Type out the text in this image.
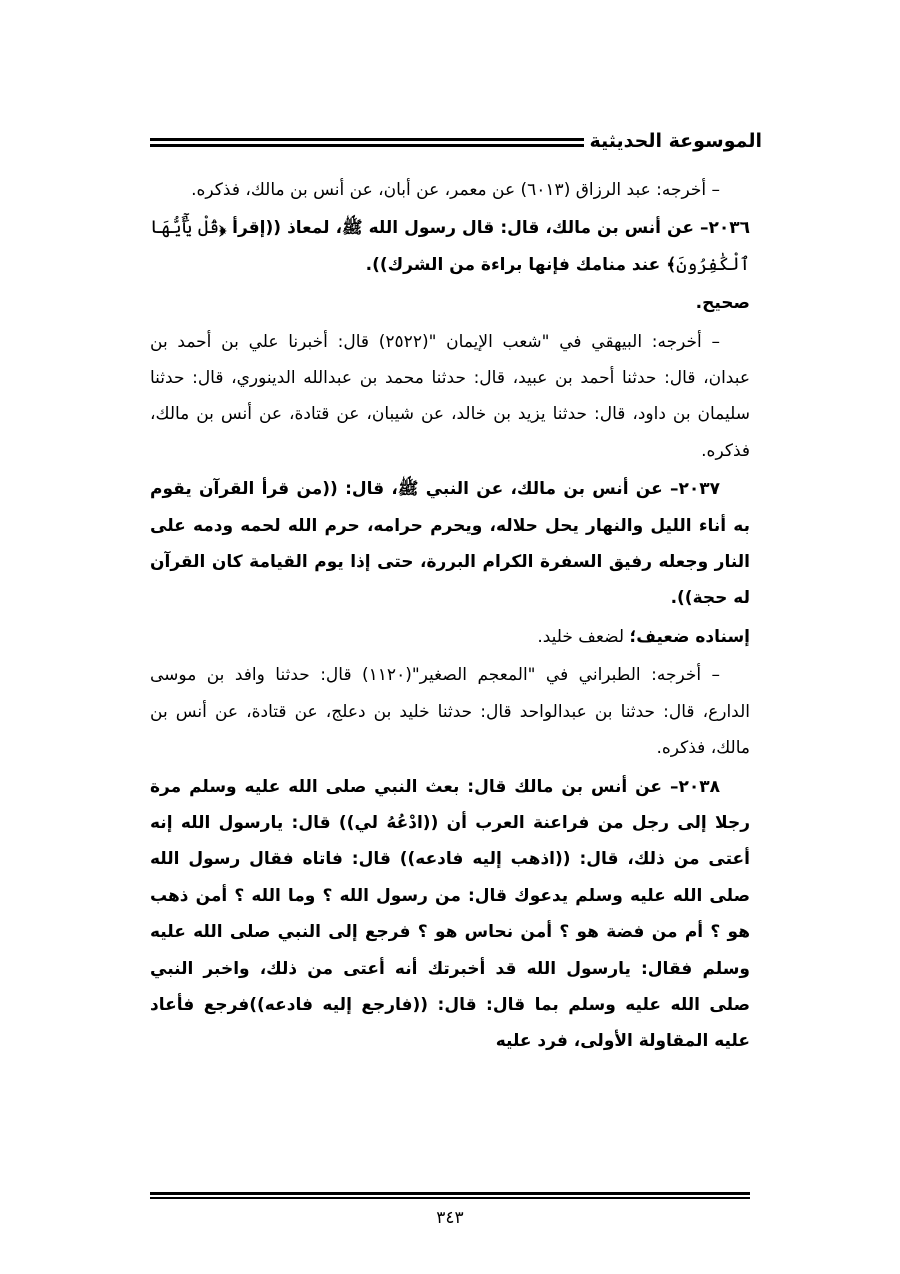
الموسوعة الحديثية

– أخرجه: عبد الرزاق (٦٠١٣) عن معمر، عن أبان، عن أنس بن مالك، فذكره.

٢٠٣٦– عن أنس بن مالك، قال: قال رسول الله ﷺ، لمعاذ ((إقرأ ﴿قُلْ يَٰٓأَيُّهَا ٱلْكَٰفِرُونَ﴾ عند منامك فإنها براءة من الشرك)).

صحيح.

– أخرجه: البيهقي في "شعب الإيمان "(٢٥٢٢) قال: أخبرنا علي بن أحمد بن عبدان، قال: حدثنا أحمد بن عبيد، قال: حدثنا محمد بن عبدالله الدينوري، قال: حدثنا سليمان بن داود، قال: حدثنا يزيد بن خالد، عن شيبان، عن قتادة، عن أنس بن مالك، فذكره.

٢٠٣٧– عن أنس بن مالك، عن النبي ﷺ، قال: ((من قرأ القرآن يقوم به أناء الليل والنهار يحل حلاله، ويحرم حرامه، حرم الله لحمه ودمه على النار وجعله رفيق السفرة الكرام البررة، حتى إذا يوم القيامة كان القرآن له حجة)).

إسناده ضعيف؛ لضعف خليد.

– أخرجه: الطبراني في "المعجم الصغير"(١١٢٠) قال: حدثنا وافد بن موسى الدارع، قال: حدثنا بن عبدالواحد قال: حدثنا خليد بن دعلج، عن قتادة، عن أنس بن مالك، فذكره.

٢٠٣٨– عن أنس بن مالك قال: بعث النبي صلى الله عليه وسلم مرة رجلا إلى رجل من فراعنة العرب أن ((ادْعُهُ لي)) قال: يارسول الله إنه أعتى من ذلك، قال: ((اذهب إليه فادعه)) قال: فاتاه فقال رسول الله صلى الله عليه وسلم يدعوك قال: من رسول الله ؟ وما الله ؟ أمن ذهب هو ؟ أم من فضة هو ؟ أمن نحاس هو ؟ فرجع إلى النبي صلى الله عليه وسلم فقال: يارسول الله قد أخبرتك أنه أعتى من ذلك، واخبر النبي صلى الله عليه وسلم بما قال: قال: ((فارجع إليه فادعه))فرجع فأعاد عليه المقاولة الأولى، فرد عليه

٣٤٣
